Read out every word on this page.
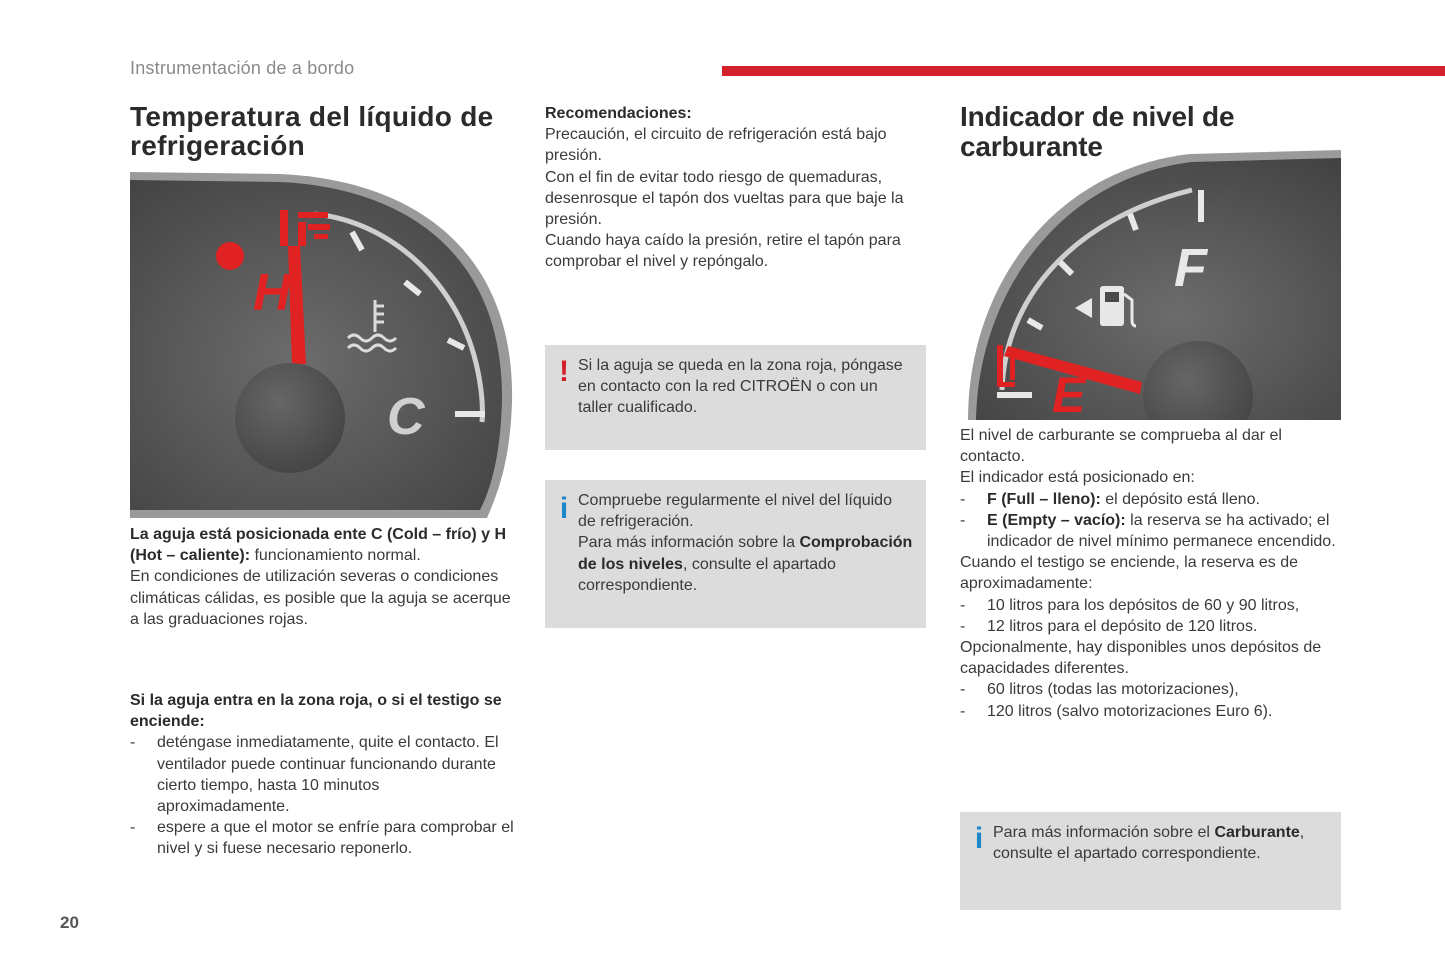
Instrumentación de a bordo
Temperatura del líquido de refrigeración
H
C

La aguja está posicionada ente C (Cold – frío) y H (Hot – caliente): funcionamiento normal.

En condiciones de utilización severas o condiciones climáticas cálidas, es posible que la aguja se acerque a las graduaciones rojas.

Si la aguja entra en la zona roja, o si el testigo se enciende:

- deténgase inmediatamente, quite el contacto. El ventilador puede continuar funcionando durante cierto tiempo, hasta 10 minutos aproximadamente.
- espere a que el motor se enfríe para comprobar el nivel y si fuese necesario reponerlo.

Recomendaciones:

Precaución, el circuito de refrigeración está bajo presión.
Con el fin de evitar todo riesgo de quemaduras, desenrosque el tapón dos vueltas para que baje la presión.
Cuando haya caído la presión, retire el tapón para comprobar el nivel y repóngalo.

! Si la aguja se queda en la zona roja, póngase en contacto con la red CITROËN o con un taller cualificado.
i Compruebe regularmente el nivel del líquido de refrigeración.
Para más información sobre la Comprobación de los niveles, consulte el apartado correspondiente.
Indicador de nivel de carburante
E
F

El nivel de carburante se comprueba al dar el contacto.
El indicador está posicionado en:

- F (Full – lleno): el depósito está lleno.
- E (Empty – vacío): la reserva se ha activado; el indicador de nivel mínimo permanece encendido.

Cuando el testigo se enciende, la reserva es de aproximadamente:

- 10 litros para los depósitos de 60 y 90 litros,
- 12 litros para el depósito de 120 litros.

Opcionalmente, hay disponibles unos depósitos de capacidades diferentes.

- 60 litros (todas las motorizaciones),
- 120 litros (salvo motorizaciones Euro 6).
i Para más información sobre el Carburante,
consulte el apartado correspondiente.
20
